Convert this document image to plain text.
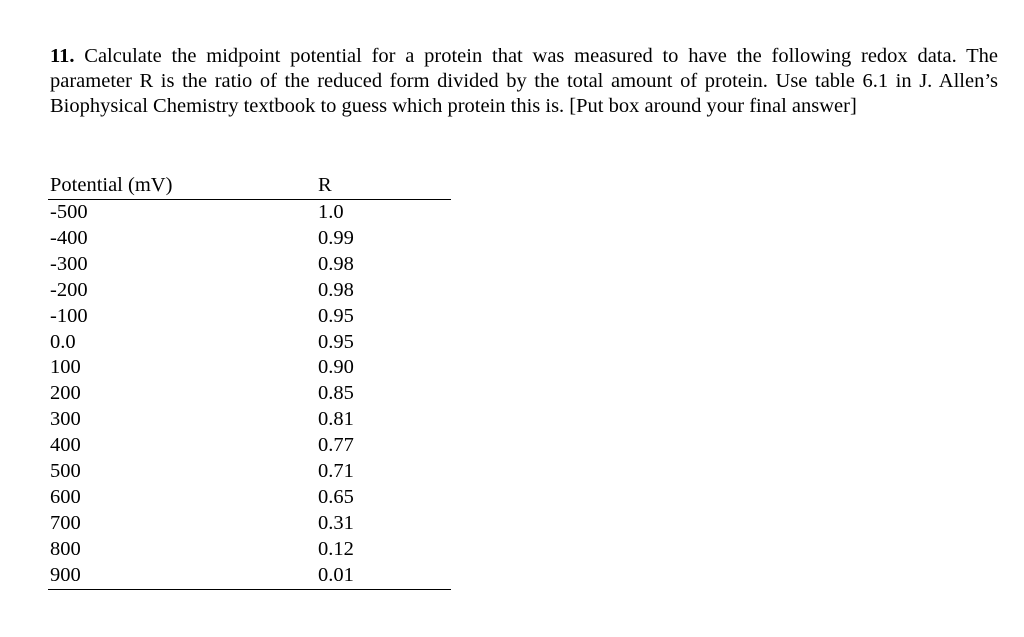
11. Calculate the midpoint potential for a protein that was measured to have the following redox data. The parameter R is the ratio of the reduced form divided by the total amount of protein. Use table 6.1 in J. Allen’s Biophysical Chemistry textbook to guess which protein this is. [Put box around your final answer]

Potential (mV)	R
-500	1.0
-400	0.99
-300	0.98
-200	0.98
-100	0.95
0.0	0.95
100	0.90
200	0.85
300	0.81
400	0.77
500	0.71
600	0.65
700	0.31
800	0.12
900	0.01
